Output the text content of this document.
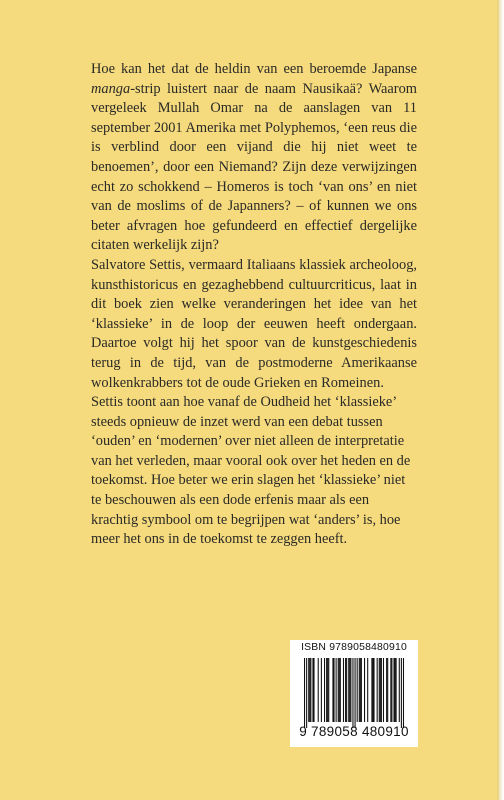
Hoe kan het dat de heldin van een beroemde Japanse manga-strip luistert naar de naam Nausikaä? Waarom vergeleek Mullah Omar na de aanslagen van 11 september 2001 Amerika met Polyphemos, ‘een reus die is verblind door een vijand die hij niet weet te benoemen’, door een Niemand? Zijn deze verwijzingen echt zo schokkend – Homeros is toch ‘van ons’ en niet van de moslims of de Japanners? – of kunnen we ons beter afvragen hoe gefundeerd en effectief dergelijke citaten werkelijk zijn?

Salvatore Settis, vermaard Italiaans klassiek archeoloog, kunsthistoricus en gezaghebbend cultuurcriticus, laat in dit boek zien welke veranderingen het idee van het ‘klassieke’ in de loop der eeuwen heeft ondergaan. Daartoe volgt hij het spoor van de kunstgeschiedenis terug in de tijd, van de postmoderne Amerikaanse wolkenkrabbers tot de oude Grieken en Romeinen.

Settis toont aan hoe vanaf de Oudheid het ‘klassieke’ steeds opnieuw de inzet werd van een debat tussen ‘ouden’ en ‘modernen’ over niet alleen de interpretatie van het verleden, maar vooral ook over het heden en de toekomst. Hoe beter we erin slagen het ‘klassieke’ niet te beschouwen als een dode erfenis maar als een krachtig symbool om te begrijpen wat ‘anders’ is, hoe meer het ons in de toekomst te zeggen heeft.

ISBN 9789058480910
9 789058 480910
